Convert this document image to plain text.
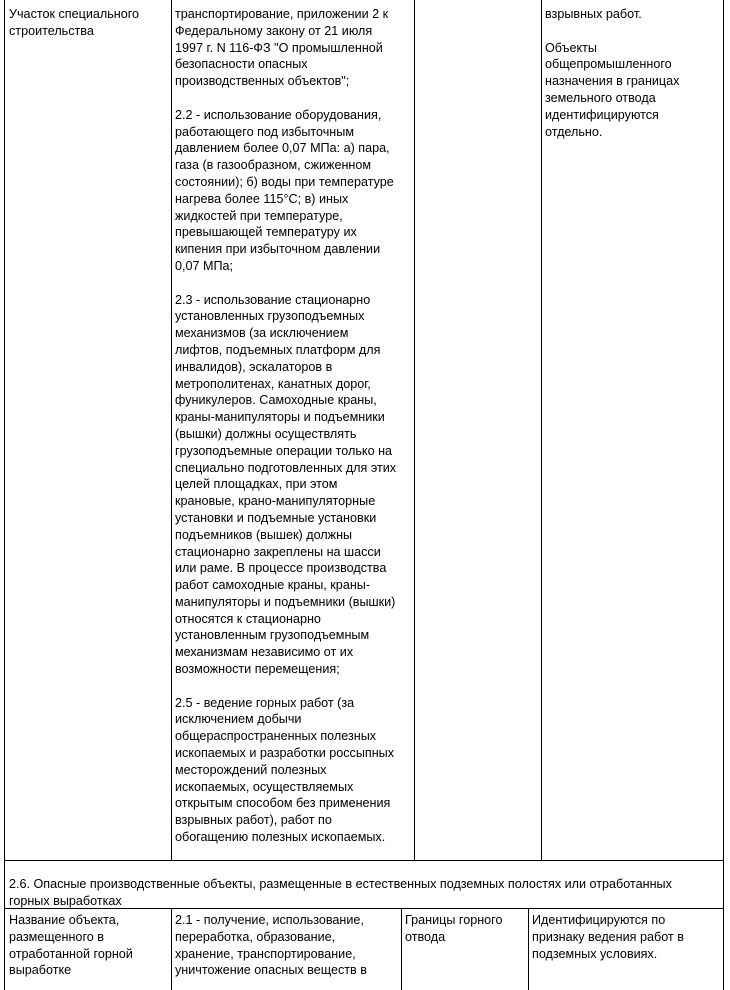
Участок специального
строительства

транспортирование, приложении 2 к
Федеральному закону от 21 июля
1997 г. N 116-ФЗ "О промышленной
безопасности опасных
производственных объектов";

2.2 - использование оборудования,
работающего под избыточным
давлением более 0,07 МПа: а) пара,
газа (в газообразном, сжиженном
состоянии); б) воды при температуре
нагрева более 115°С; в) иных
жидкостей при температуре,
превышающей температуру их
кипения при избыточном давлении
0,07 МПа;

2.3 - использование стационарно
установленных грузоподъемных
механизмов (за исключением
лифтов, подъемных платформ для
инвалидов), эскалаторов в
метрополитенах, канатных дорог,
фуникулеров. Самоходные краны,
краны-манипуляторы и подъемники
(вышки) должны осуществлять
грузоподъемные операции только на
специально подготовленных для этих
целей площадках, при этом
крановые, крано-манипуляторные
установки и подъемные установки
подъемников (вышек) должны
стационарно закреплены на шасси
или раме. В процессе производства
работ самоходные краны, краны-
манипуляторы и подъемники (вышки)
относятся к стационарно
установленным грузоподъемным
механизмам независимо от их
возможности перемещения;

2.5 - ведение горных работ (за
исключением добычи
общераспространенных полезных
ископаемых и разработки россыпных
месторождений полезных
ископаемых, осуществляемых
открытым способом без применения
взрывных работ), работ по
обогащению полезных ископаемых.

взрывных работ.

Объекты
общепромышленного
назначения в границах
земельного отвода
идентифицируются
отдельно.

2.6. Опасные производственные объекты, размещенные в естественных подземных полостях или отработанных
горных выработках

Название объекта,
размещенного в
отработанной горной
выработке

2.1 - получение, использование,
переработка, образование,
хранение, транспортирование,
уничтожение опасных веществ в

Границы горного
отвода

Идентифицируются по
признаку ведения работ в
подземных условиях.
